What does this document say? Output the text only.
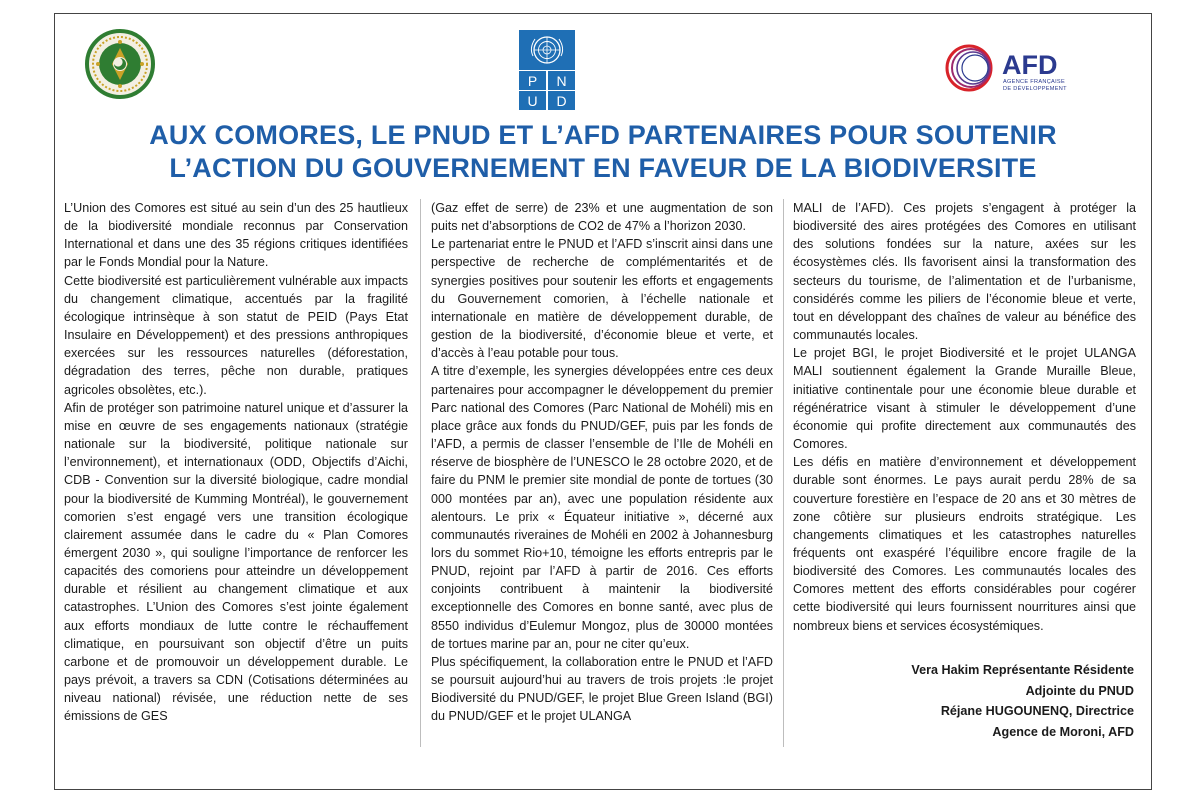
P N
U D
AFD
AGENCE FRANÇAISE
DE DÉVELOPPEMENT
AUX COMORES, LE PNUD ET L’AFD PARTENAIRES POUR SOUTENIR
L’ACTION DU GOUVERNEMENT EN FAVEUR DE LA BIODIVERSITE

L’Union des Comores est situé au sein d’un des 25 hautlieux de la biodiversité mondiale reconnus par Conservation International et dans une des 35 régions critiques identifiées par le Fonds Mondial pour la Nature.

Cette biodiversité est particulièrement vulnérable aux impacts du changement climatique, accentués par la fragilité écologique intrinsèque à son statut de PEID (Pays Etat Insulaire en Développement) et des pressions anthropiques exercées sur les ressources naturelles (déforestation, dégradation des terres, pêche non durable, pratiques agricoles obsolètes, etc.).

Afin de protéger son patrimoine naturel unique et d’assurer la mise en œuvre de ses engagements nationaux (stratégie nationale sur la biodiversité, politique nationale sur l’environnement), et internationaux (ODD, Objectifs d’Aichi, CDB - Convention sur la diversité biologique, cadre mondial pour la biodiversité de Kumming Montréal), le gouvernement comorien s’est engagé vers une transition écologique clairement assumée dans le cadre du « Plan Comores émergent 2030 », qui souligne l’importance de renforcer les capacités des comoriens pour atteindre un développement durable et résilient au changement climatique et aux catastrophes. L’Union des Comores s’est jointe également aux efforts mondiaux de lutte contre le réchauffement climatique, en poursuivant son objectif d’être un puits carbone et de promouvoir un développement durable. Le pays prévoit, a travers sa CDN (Cotisations déterminées au niveau national) révisée, une réduction nette de ses émissions de GES

(Gaz effet de serre) de 23% et une augmentation de son puits net d’absorptions de CO2 de 47% a l’horizon 2030.

Le partenariat entre le PNUD et l’AFD s’inscrit ainsi dans une perspective de recherche de complémentarités et de synergies positives pour soutenir les efforts et engagements du Gouvernement comorien, à l’échelle nationale et internationale en matière de développement durable, de gestion de la biodiversité, d’économie bleue et verte, et d’accès à l’eau potable pour tous.

A titre d’exemple, les synergies développées entre ces deux partenaires pour accompagner le développement du premier Parc national des Comores (Parc National de Mohéli) mis en place grâce aux fonds du PNUD/GEF, puis par les fonds de l’AFD, a permis de classer l’ensemble de l’Ile de Mohéli en réserve de biosphère de l’UNESCO le 28 octobre 2020, et de faire du PNM le premier site mondial de ponte de tortues (30 000 montées par an), avec une population résidente aux alentours. Le prix « Équateur initiative », décerné aux communautés riveraines de Mohéli en 2002 à Johannesburg lors du sommet Rio+10, témoigne les efforts entrepris par le PNUD, rejoint par l’AFD à partir de 2016. Ces efforts conjoints contribuent à maintenir la biodiversité exceptionnelle des Comores en bonne santé, avec plus de 8550 individus d’Eulemur Mongoz, plus de 30000 montées de tortues marine par an, pour ne citer qu’eux.

Plus spécifiquement, la collaboration entre le PNUD et l’AFD se poursuit aujourd’hui au travers de trois projets :le projet Biodiversité du PNUD/GEF, le projet Blue Green Island (BGI) du PNUD/GEF et le projet ULANGA

MALI de l’AFD). Ces projets s’engagent à protéger la biodiversité des aires protégées des Comores en utilisant des solutions fondées sur la nature, axées sur les écosystèmes clés. Ils favorisent ainsi la transformation des secteurs du tourisme, de l’alimentation et de l’urbanisme, considérés comme les piliers de l’économie bleue et verte, tout en développant des chaînes de valeur au bénéfice des communautés locales.

Le projet BGI, le projet Biodiversité et le projet ULANGA MALI soutiennent également la Grande Muraille Bleue, initiative continentale pour une économie bleue durable et régénératrice visant à stimuler le développement d’une économie qui profite directement aux communautés des Comores.

Les défis en matière d’environnement et développement durable sont énormes. Le pays aurait perdu 28% de sa couverture forestière en l’espace de 20 ans et 30 mètres de zone côtière sur plusieurs endroits stratégique. Les changements climatiques et les catastrophes naturelles fréquents ont exaspéré l’équilibre encore fragile de la biodiversité des Comores. Les communautés locales des Comores mettent des efforts considérables pour cogérer cette biodiversité qui leurs fournissent nourritures ainsi que nombreux biens et services écosystémiques.

Vera Hakim Représentante Résidente
Adjointe du PNUD
Réjane HUGOUNENQ, Directrice
Agence de Moroni, AFD
